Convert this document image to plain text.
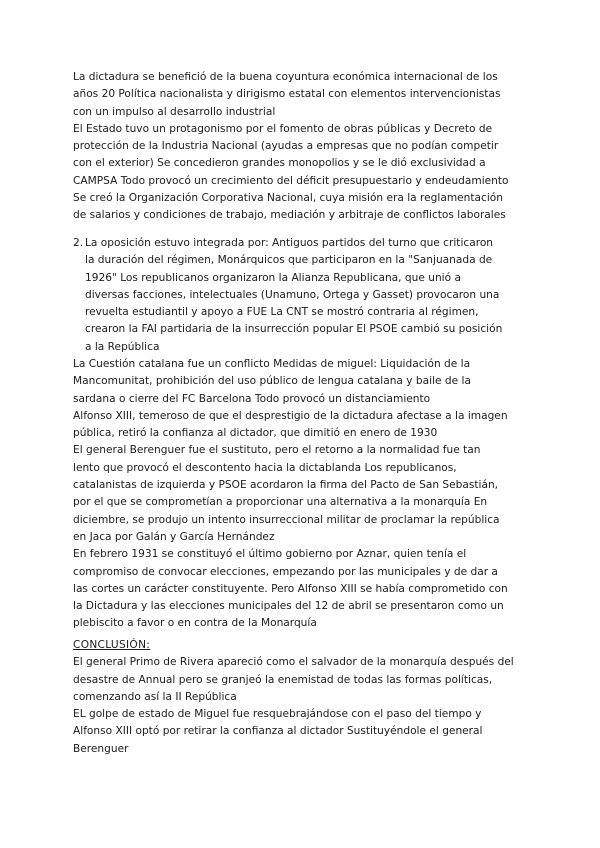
La dictadura se benefició de la buena coyuntura económica internacional de los
años 20 Política nacionalista y dirigismo estatal con elementos intervencionistas
con un impulso al desarrollo industrial
El Estado tuvo un protagonismo por el fomento de obras públicas y Decreto de
protección de la Industria Nacional (ayudas a empresas que no podían competir
con el exterior) Se concedieron grandes monopolios y se le dió exclusividad a
CAMPSA Todo provocó un crecimiento del déficit presupuestario y endeudamiento
Se creó la Organización Corporativa Nacional, cuya misión era la reglamentación
de salarios y condiciones de trabajo, mediación y arbitraje de conflictos laborales
2. La oposición estuvo integrada por: Antiguos partidos del turno que criticaron
la duración del régimen, Monárquicos que participaron en la "Sanjuanada de
1926" Los republicanos organizaron la Alianza Republicana, que unió a
diversas facciones, intelectuales (Unamuno, Ortega y Gasset) provocaron una
revuelta estudiantil y apoyo a FUE La CNT se mostró contraria al régimen,
crearon la FAI partidaria de la insurrección popular El PSOE cambió su posición
a la República
La Cuestión catalana fue un conflicto Medidas de miguel: Liquidación de la
Mancomunitat, prohibición del uso público de lengua catalana y baile de la
sardana o cierre del FC Barcelona Todo provocó un distanciamiento
Alfonso XIII, temeroso de que el desprestigio de la dictadura afectase a la imagen
pública, retiró la confianza al dictador, que dimitió en enero de 1930
El general Berenguer fue el sustituto, pero el retorno a la normalidad fue tan
lento que provocó el descontento hacia la dictablanda Los republicanos,
catalanistas de izquierda y PSOE acordaron la firma del Pacto de San Sebastián,
por el que se comprometían a proporcionar una alternativa a la monarquía En
diciembre, se produjo un intento insurreccional militar de proclamar la república
en Jaca por Galán y García Hernández
En febrero 1931 se constituyó el último gobierno por Aznar, quien tenía el
compromiso de convocar elecciones, empezando por las municipales y de dar a
las cortes un carácter constituyente. Pero Alfonso XIII se había comprometido con
la Dictadura y las elecciones municipales del 12 de abril se presentaron como un
plebiscito a favor o en contra de la Monarquía
CONCLUSIÓN:
El general Primo de Rivera apareció como el salvador de la monarquía después del
desastre de Annual pero se granjeó la enemistad de todas las formas políticas,
comenzando así la II República
EL golpe de estado de Miguel fue resquebrajándose con el paso del tiempo y
Alfonso XIII optó por retirar la confianza al dictador Sustituyéndole el general
Berenguer
